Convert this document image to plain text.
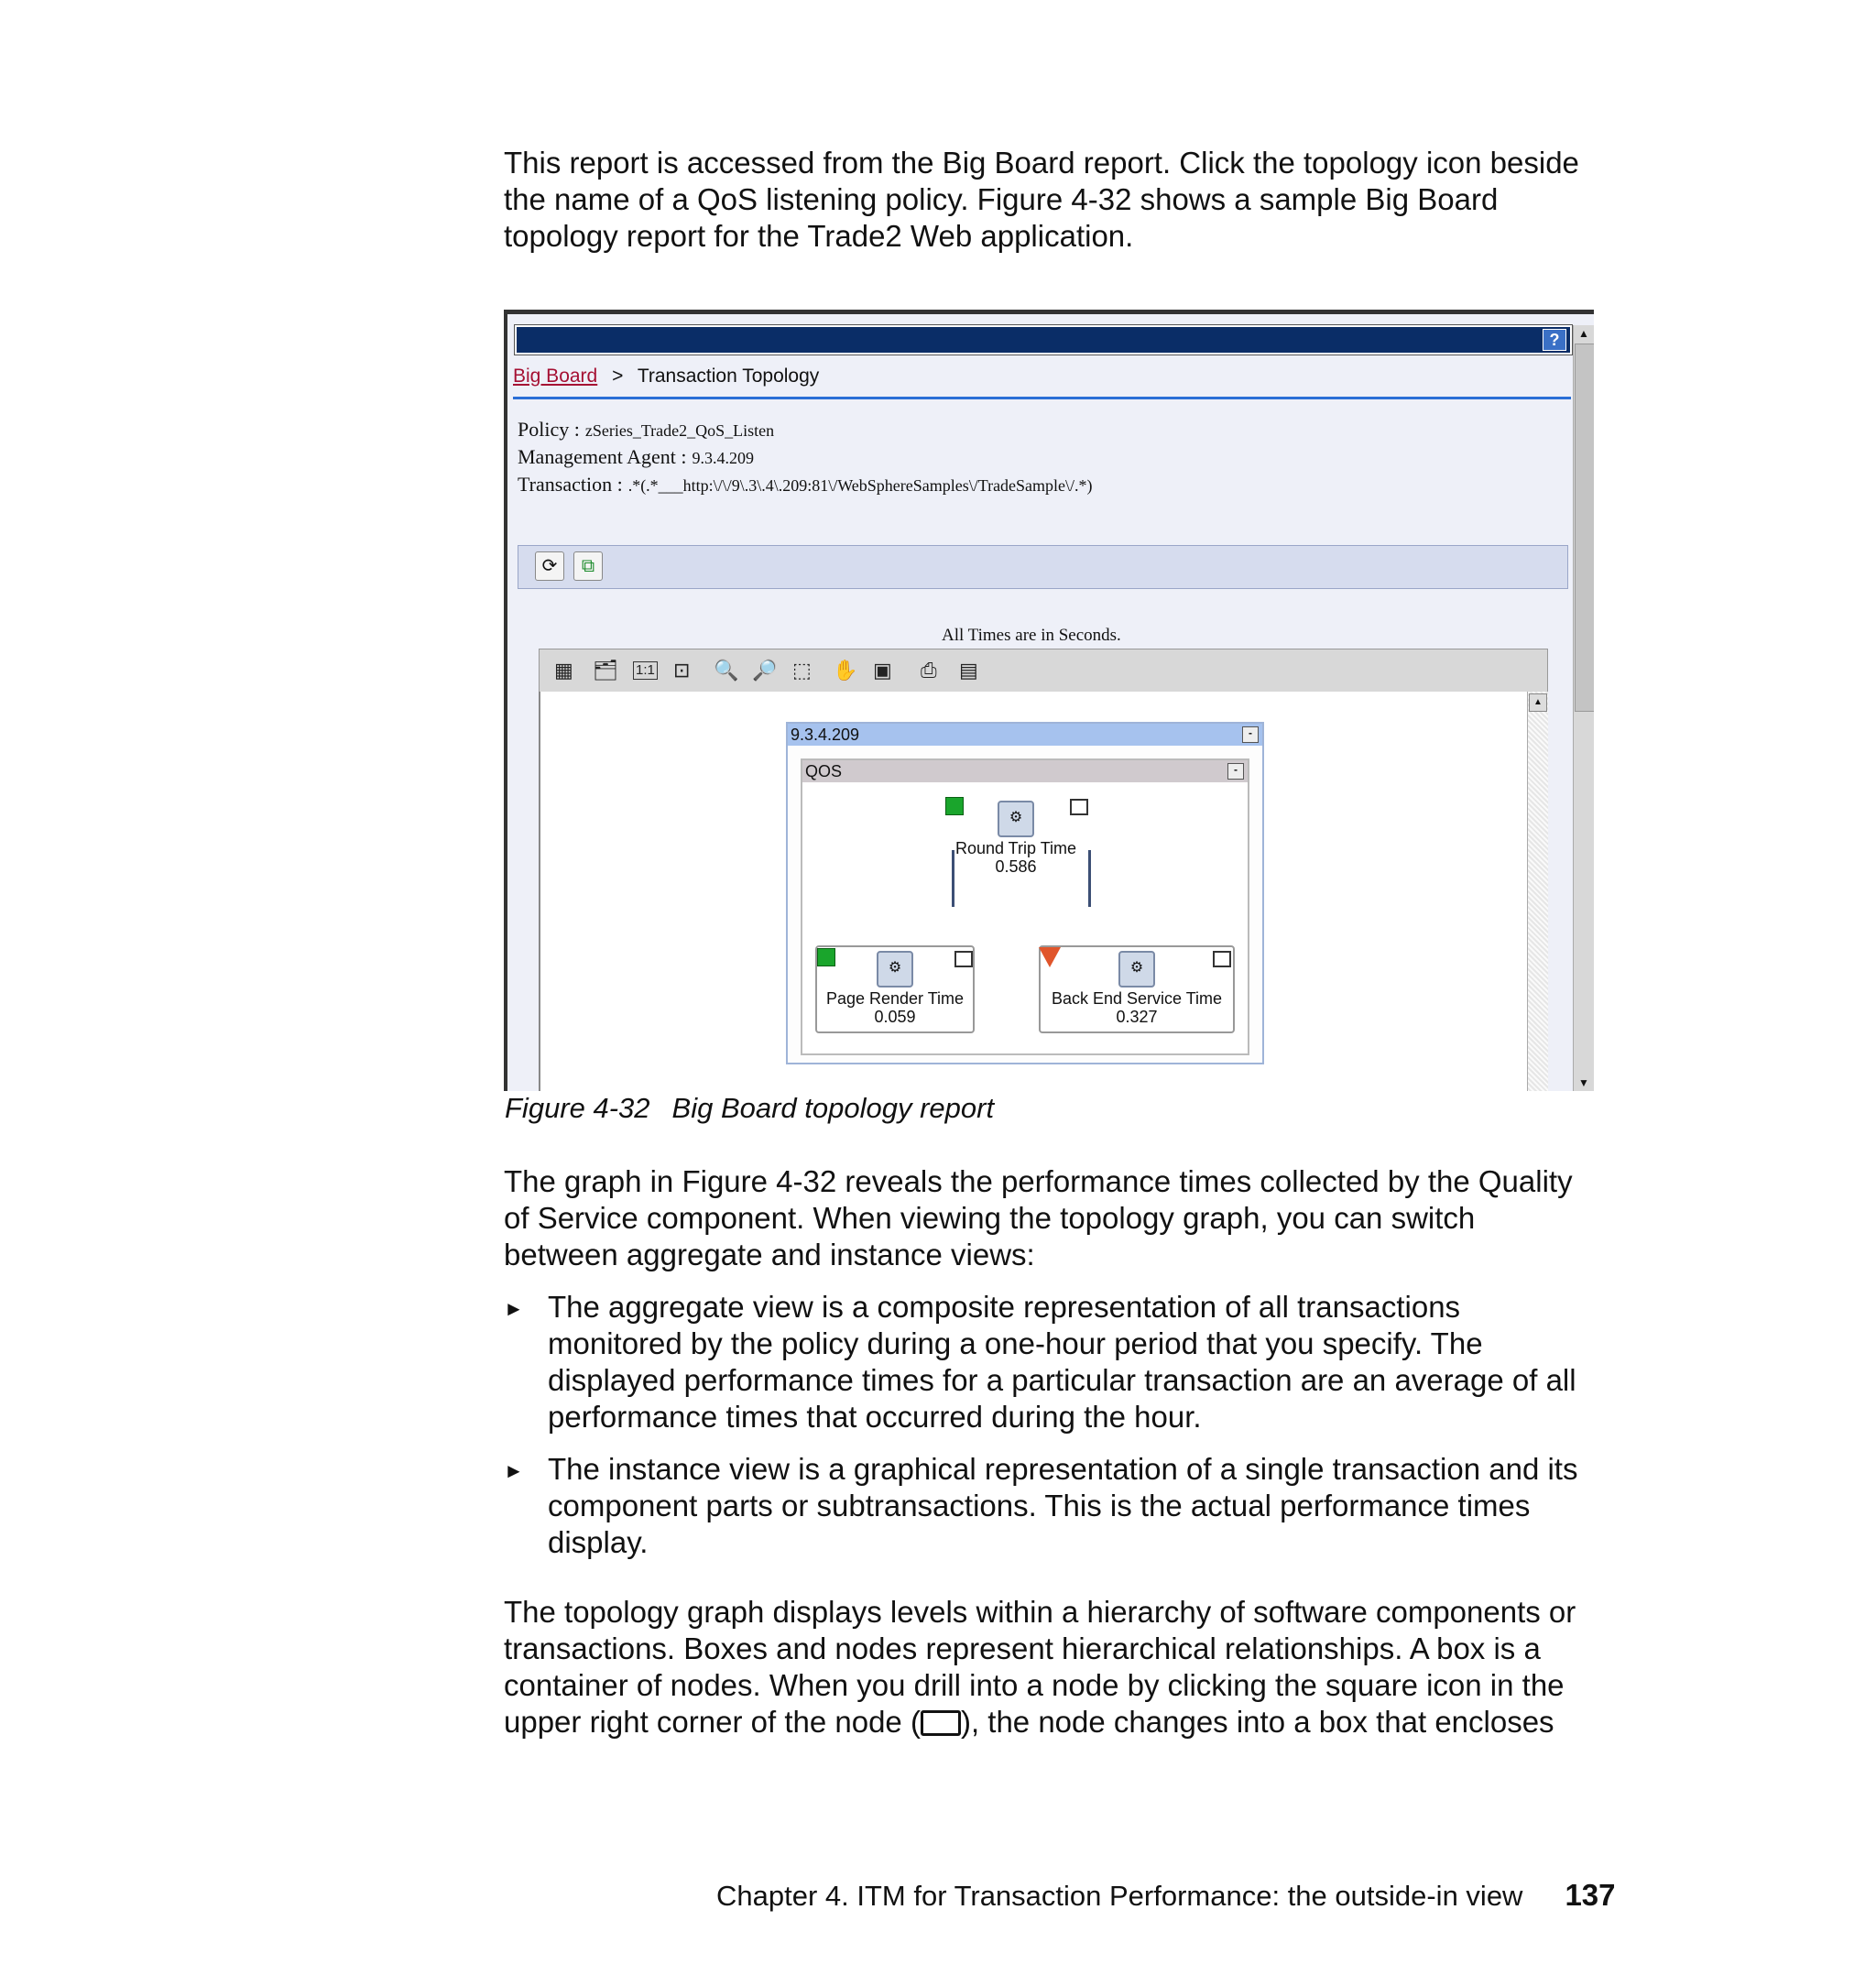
This report is accessed from the Big Board report. Click the topology icon beside the name of a QoS listening policy. Figure 4-32 shows a sample Big Board topology report for the Trade2 Web application.

?	▲
▼
Big Board > Transaction Topology
Policy : zSeries_Trade2_QoS_Listen
Management Agent : 9.3.4.209
Transaction : .*(.*___http:\/\/9\.3\.4\.209:81\/WebSphereSamples\/TradeSample\/.*)
⟳	⧉
All Times are in Seconds.
▦ 🗂 1:1 ⊡ 🔍 🔎 ⬚ ✋ ▣ ⎙ ▤
▲
9.3.4.209	-
QOS	-
⚙
Round Trip Time
0.586
⚙
Page Render Time
0.059
⚙
Back End Service Time
0.327
Figure 4-32 Big Board topology report

The graph in Figure 4-32 reveals the performance times collected by the Quality of Service component. When viewing the topology graph, you can switch between aggregate and instance views:

► The aggregate view is a composite representation of all transactions monitored by the policy during a one-hour period that you specify. The displayed performance times for a particular transaction are an average of all performance times that occurred during the hour.
► The instance view is a graphical representation of a single transaction and its component parts or subtransactions. This is the actual performance times display.

The topology graph displays levels within a hierarchy of software components or transactions. Boxes and nodes represent hierarchical relationships. A box is a container of nodes. When you drill into a node by clicking the square icon in the upper right corner of the node ( ), the node changes into a box that encloses

Chapter 4. ITM for Transaction Performance: the outside-in view 137
